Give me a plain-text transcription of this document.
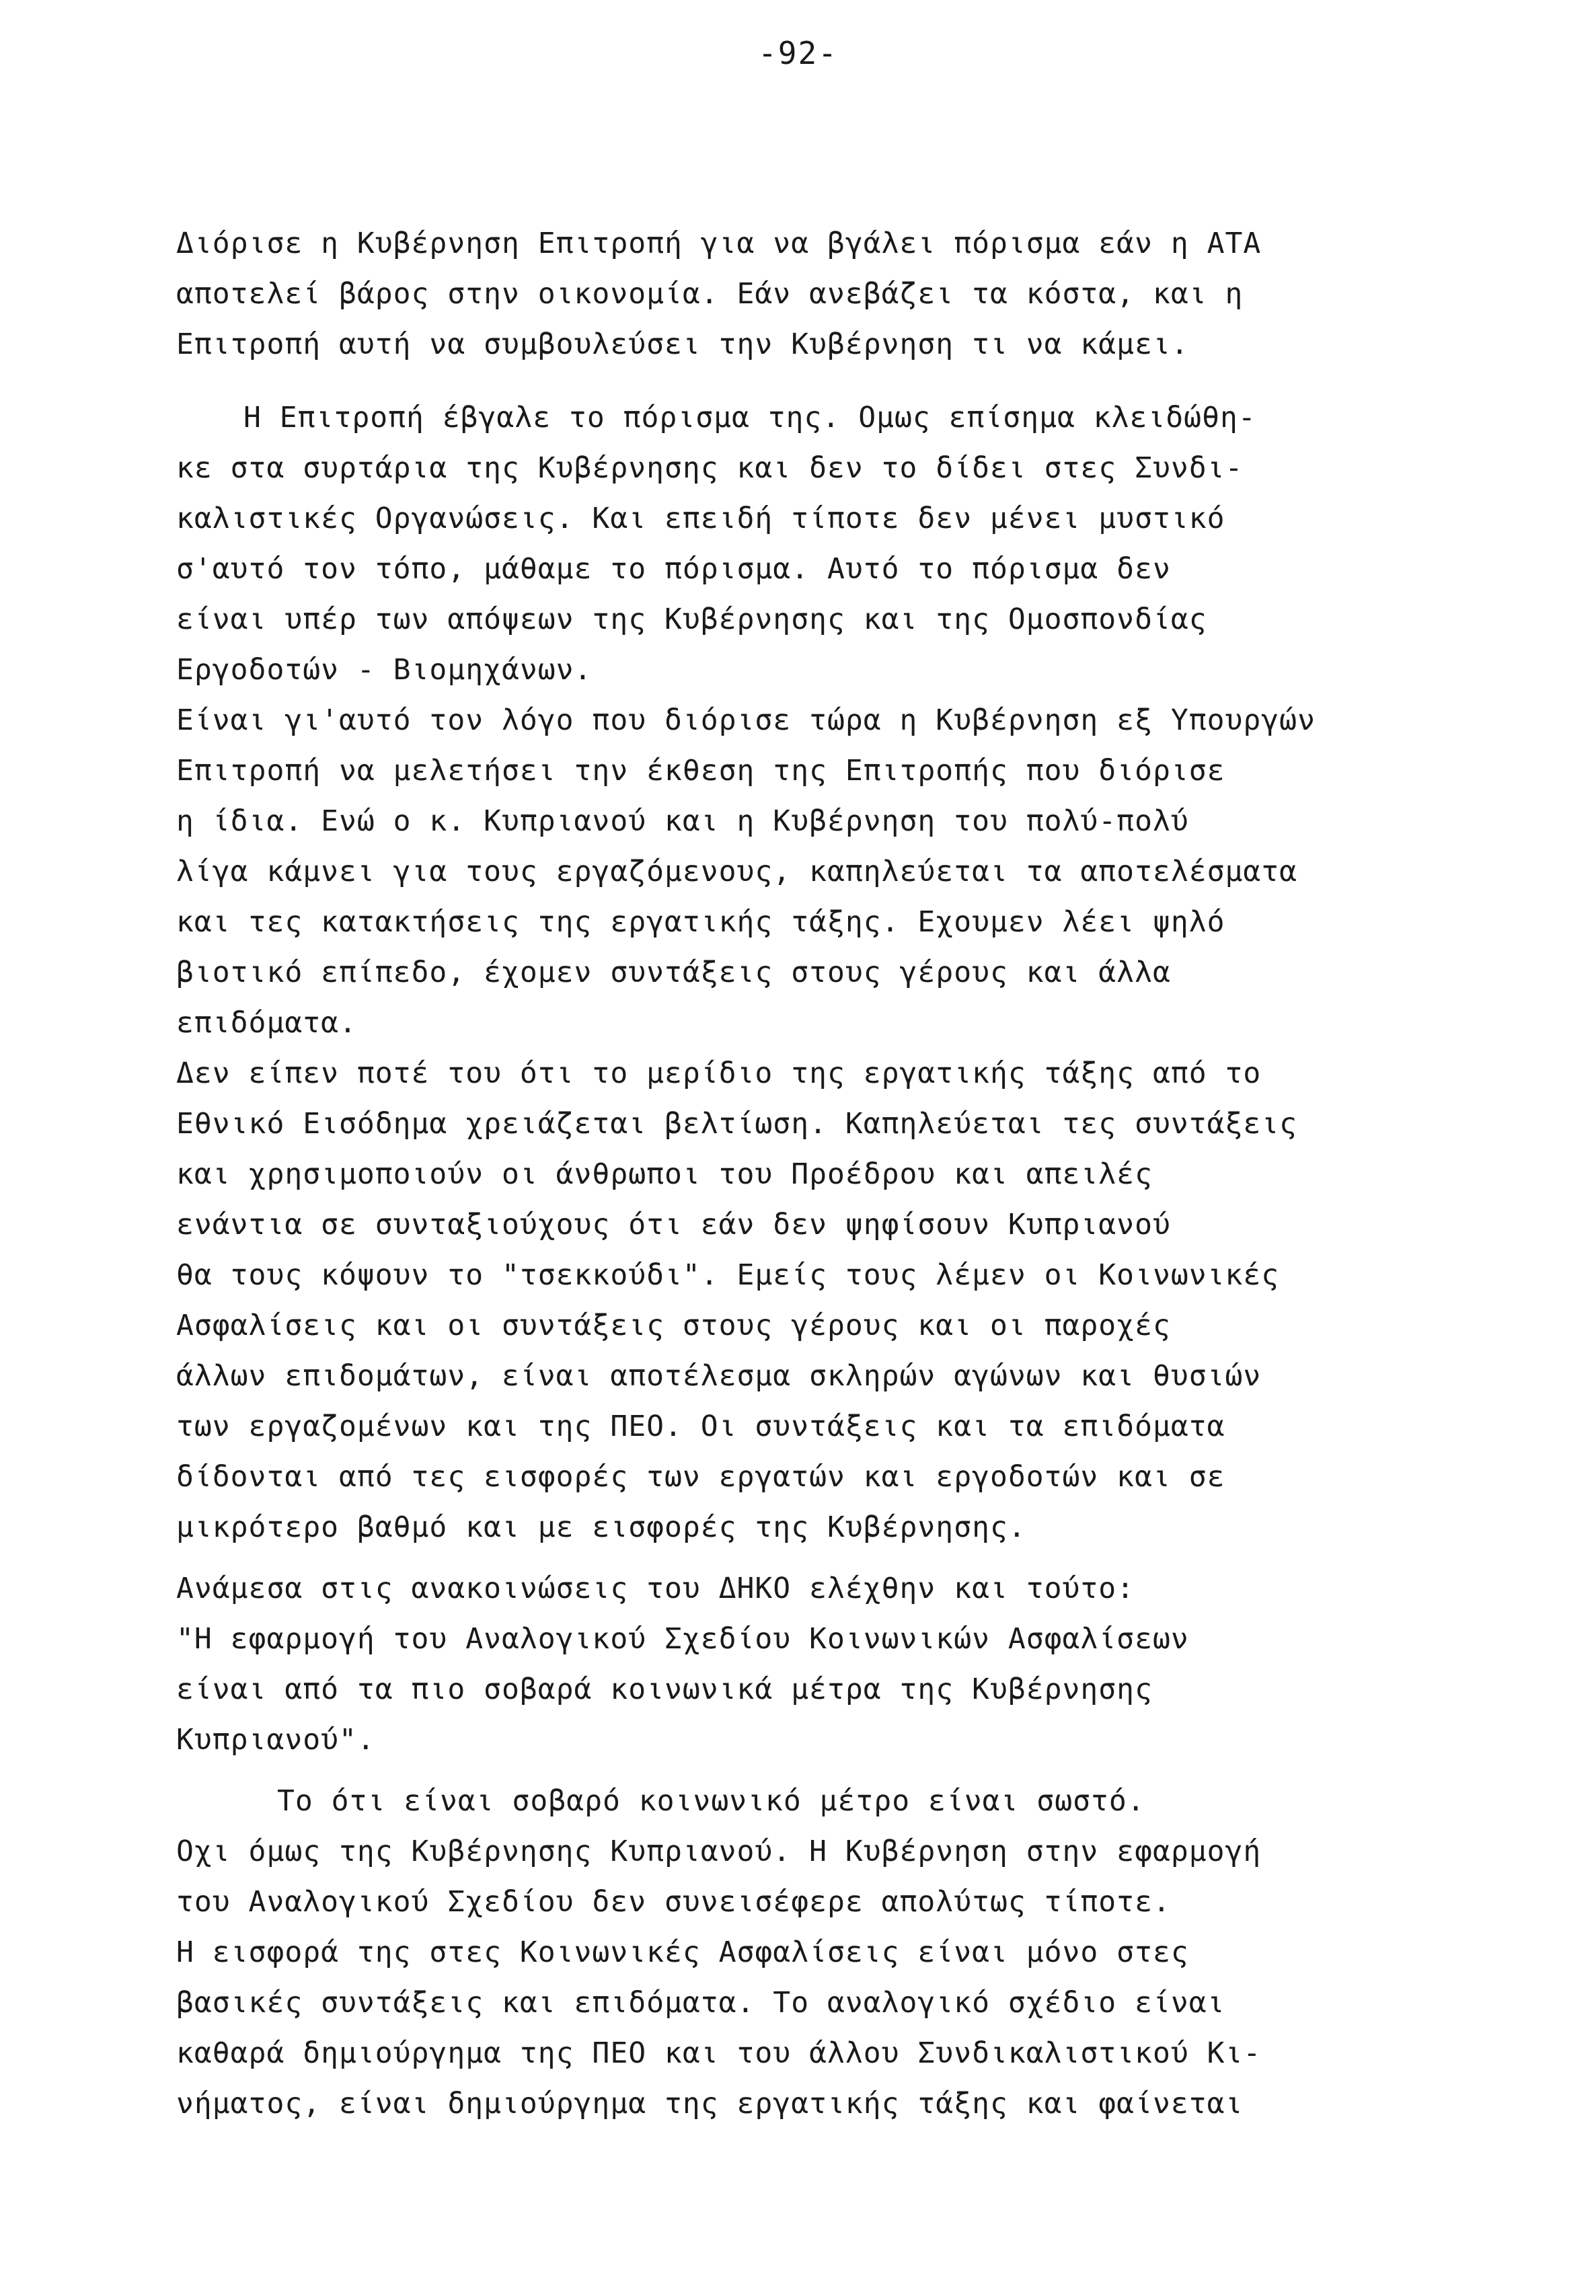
-92-
Διόρισε η Κυβέρνηση Επιτροπή για να βγάλει πόρισμα εάν η ΑΤΑ
αποτελεί βάρος στην οικονομία. Εάν ανεβάζει τα κόστα, και η
Επιτροπή αυτή να συμβουλεύσει την Κυβέρνηση τι να κάμει.
Η Επιτροπή έβγαλε το πόρισμα της. Ομως επίσημα κλειδώθη-
κε στα συρτάρια της Κυβέρνησης και δεν το δίδει στες Συνδι-
καλιστικές Οργανώσεις. Και επειδή τίποτε δεν μένει μυστικό
σ'αυτό τον τόπο, μάθαμε το πόρισμα. Αυτό το πόρισμα δεν
είναι υπέρ των απόψεων της Κυβέρνησης και της Ομοσπονδίας
Εργοδοτών - Βιομηχάνων.
Είναι γι'αυτό τον λόγο που διόρισε τώρα η Κυβέρνηση εξ Υπουργών
Επιτροπή να μελετήσει την έκθεση της Επιτροπής που διόρισε
η ίδια. Ενώ ο κ. Κυπριανού και η Κυβέρνηση του πολύ-πολύ
λίγα κάμνει για τους εργαζόμενους, καπηλεύεται τα αποτελέσματα
και τες κατακτήσεις της εργατικής τάξης. Εχουμεν λέει ψηλό
βιοτικό επίπεδο, έχομεν συντάξεις στους γέρους και άλλα
επιδόματα.
Δεν είπεν ποτέ του ότι το μερίδιο της εργατικής τάξης από το
Εθνικό Εισόδημα χρειάζεται βελτίωση. Καπηλεύεται τες συντάξεις
και χρησιμοποιούν οι άνθρωποι του Προέδρου και απειλές
ενάντια σε συνταξιούχους ότι εάν δεν ψηφίσουν Κυπριανού
θα τους κόψουν το "τσεκκούδι". Εμείς τους λέμεν οι Κοινωνικές
Ασφαλίσεις και οι συντάξεις στους γέρους και οι παροχές
άλλων επιδομάτων, είναι αποτέλεσμα σκληρών αγώνων και θυσιών
των εργαζομένων και της ΠΕΟ. Οι συντάξεις και τα επιδόματα
δίδονται από τες εισφορές των εργατών και εργοδοτών και σε
μικρότερο βαθμό και με εισφορές της Κυβέρνησης.
Ανάμεσα στις ανακοινώσεις του ΔΗΚΟ ελέχθην και τούτο:
"Η εφαρμογή του Αναλογικού Σχεδίου Κοινωνικών Ασφαλίσεων
είναι από τα πιο σοβαρά κοινωνικά μέτρα της Κυβέρνησης
Κυπριανού".
Το ότι είναι σοβαρό κοινωνικό μέτρο είναι σωστό.
Οχι όμως της Κυβέρνησης Κυπριανού. Η Κυβέρνηση στην εφαρμογή
του Αναλογικού Σχεδίου δεν συνεισέφερε απολύτως τίποτε.
Η εισφορά της στες Κοινωνικές Ασφαλίσεις είναι μόνο στες
βασικές συντάξεις και επιδόματα. Το αναλογικό σχέδιο είναι
καθαρά δημιούργημα της ΠΕΟ και του άλλου Συνδικαλιστικού Κι-
νήματος, είναι δημιούργημα της εργατικής τάξης και φαίνεται
